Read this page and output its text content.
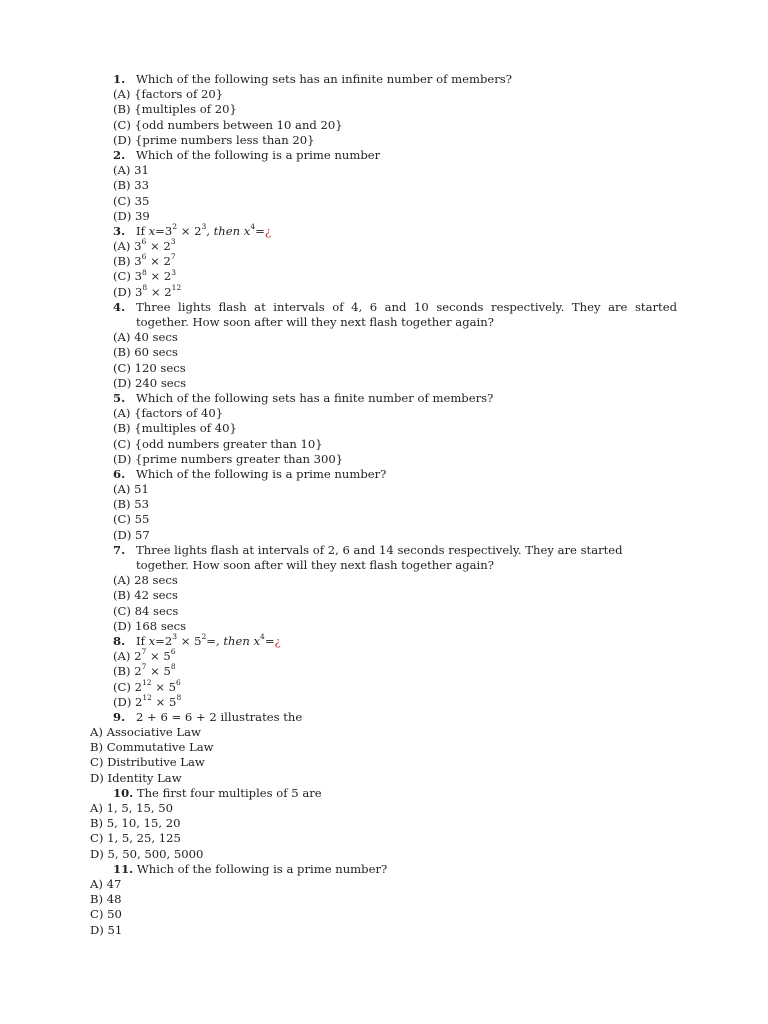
1. Which of the following sets has an infinite number of members?
(A) {factors of 20}
(B) {multiples of 20}
(C) {odd numbers between 10 and 20}
(D) {prime numbers less than 20}
2. Which of the following is a prime number
(A) 31
(B) 33
(C) 35
(D) 39
3. If $x=3^2 \times 2^3$, then $x^4=¿$
(A) $3^6 \times 2^3$
(B) $3^6 \times 2^7$
(C) $3^8 \times 2^3$
(D) $3^8 \times 2^{12}$
4. Three lights flash at intervals of 4, 6 and 10 seconds respectively. They are started
together. How soon after will they next flash together again?
(A) 40 secs
(B) 60 secs
(C) 120 secs
(D) 240 secs
5. Which of the following sets has a finite number of members?
(A) {factors of 40}
(B) {multiples of 40}
(C) {odd numbers greater than 10}
(D) {prime numbers greater than 300}
6. Which of the following is a prime number?
(A) 51
(B) 53
(C) 55
(D) 57
7. Three lights flash at intervals of 2, 6 and 14 seconds respectively. They are started
together. How soon after will they next flash together again?
(A) 28 secs
(B) 42 secs
(C) 84 secs
(D) 168 secs
8. If $x=2^3 \times 5^2=$, then $x^4=¿$
(A) $2^7 \times 5^6$
(B) $2^7 \times 5^8$
(C) $2^{12} \times 5^6$
(D) $2^{12} \times 5^8$
9. 2 + 6 = 6 + 2 illustrates the
A) Associative Law
B) Commutative Law
C) Distributive Law
D) Identity Law
10. The first four multiples of 5 are
A) 1, 5, 15, 50
B) 5, 10, 15, 20
C) 1, 5, 25, 125
D) 5, 50, 500, 5000
11. Which of the following is a prime number?
A) 47
B) 48
C) 50
D) 51
